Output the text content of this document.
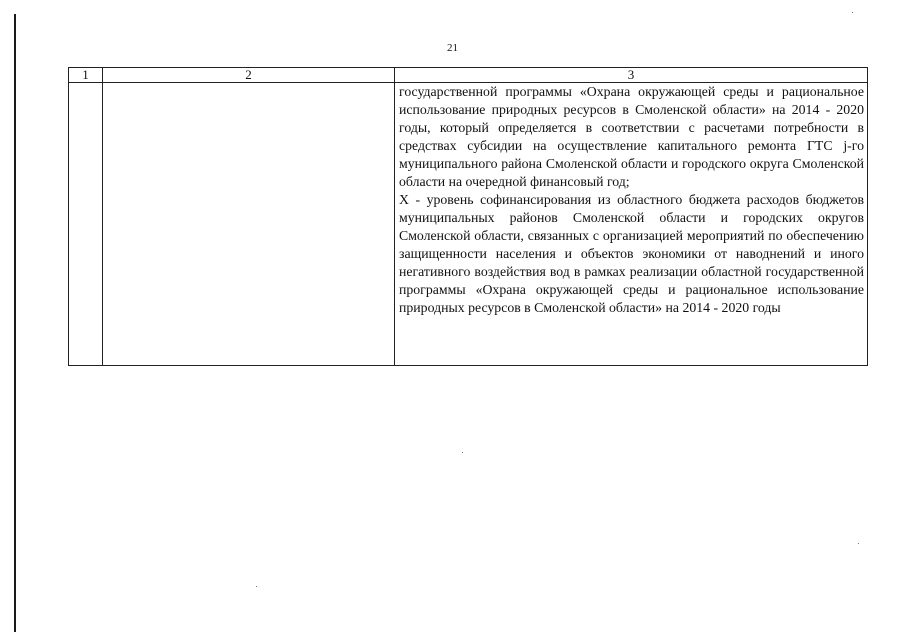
21
1	2	3

		государственной программы «Охрана окружающей среды и рациональное использование природных ресурсов в Смоленской области» на 2014 - 2020 годы, который определяется в соответствии с расчетами потребности в средствах субсидии на осуществление капитального ремонта ГТС j-го муниципального района Смоленской области и городского округа Смоленской области на очередной финансовый год;

X - уровень софинансирования из областного бюджета расходов бюджетов муниципальных районов Смоленской области и городских округов Смоленской области, связанных с организацией мероприятий по обеспечению защищенности населения и объектов экономики от наводнений и иного негативного воздействия вод в рамках реализации областной государственной программы «Охрана окружающей среды и рациональное использование природных ресурсов в Смоленской области» на 2014 - 2020 годы
